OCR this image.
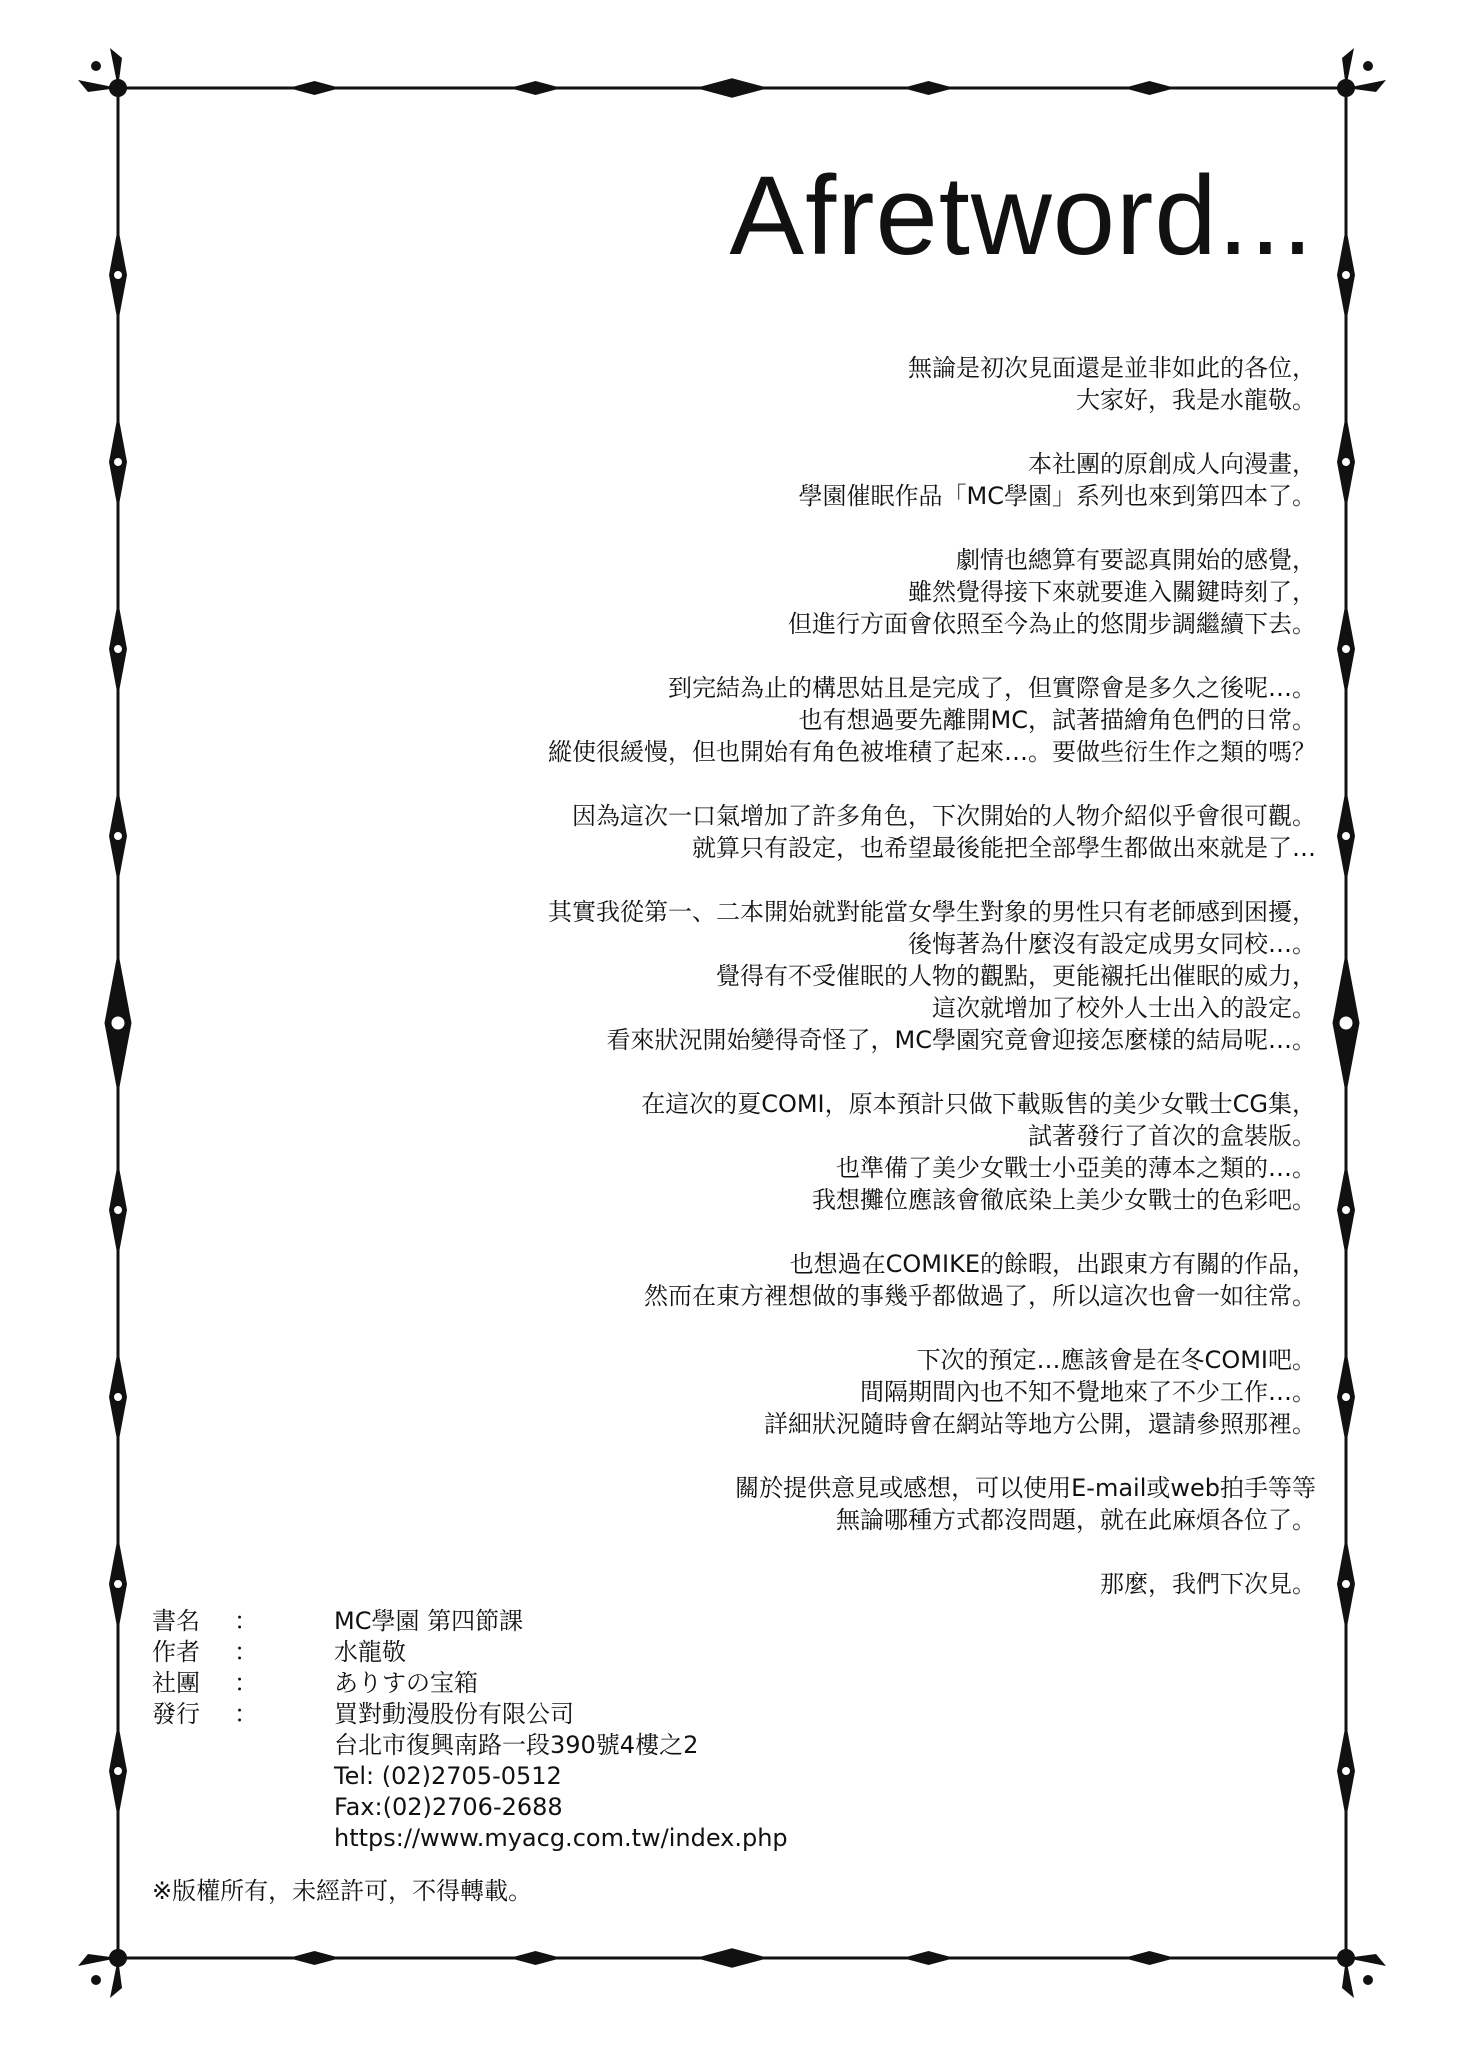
Afretword...
無論是初次見面還是並非如此的各位，
大家好，我是水龍敬。
本社團的原創成人向漫畫，
學園催眠作品「MC學園」系列也來到第四本了。
劇情也總算有要認真開始的感覺，
雖然覺得接下來就要進入關鍵時刻了，
但進行方面會依照至今為止的悠閒步調繼續下去。
到完結為止的構思姑且是完成了，但實際會是多久之後呢…。
也有想過要先離開MC，試著描繪角色們的日常。
縱使很緩慢，但也開始有角色被堆積了起來…。要做些衍生作之類的嗎？
因為這次一口氣增加了許多角色，下次開始的人物介紹似乎會很可觀。
就算只有設定，也希望最後能把全部學生都做出來就是了…
其實我從第一、二本開始就對能當女學生對象的男性只有老師感到困擾，
後悔著為什麼沒有設定成男女同校…。
覺得有不受催眠的人物的觀點，更能襯托出催眠的威力，
這次就增加了校外人士出入的設定。
看來狀況開始變得奇怪了，MC學園究竟會迎接怎麼樣的結局呢…。
在這次的夏COMI，原本預計只做下載販售的美少女戰士CG集，
試著發行了首次的盒裝版。
也準備了美少女戰士小亞美的薄本之類的…。
我想攤位應該會徹底染上美少女戰士的色彩吧。
也想過在COMIKE的餘暇，出跟東方有關的作品，
然而在東方裡想做的事幾乎都做過了，所以這次也會一如往常。
下次的預定…應該會是在冬COMI吧。
間隔期間內也不知不覺地來了不少工作…。
詳細狀況隨時會在網站等地方公開，還請參照那裡。
關於提供意見或感想，可以使用E-mail或web拍手等等
無論哪種方式都沒問題，就在此麻煩各位了。
那麼，我們下次見。
書名	：	MC學園 第四節課
作者	：	水龍敬
社團	：	ありすの宝箱
發行	：	買對動漫股份有限公司
台北市復興南路一段390號4樓之2
Tel: (02)2705-0512
Fax:(02)2706-2688
https://www.myacg.com.tw/index.php
※版權所有，未經許可，不得轉載。
